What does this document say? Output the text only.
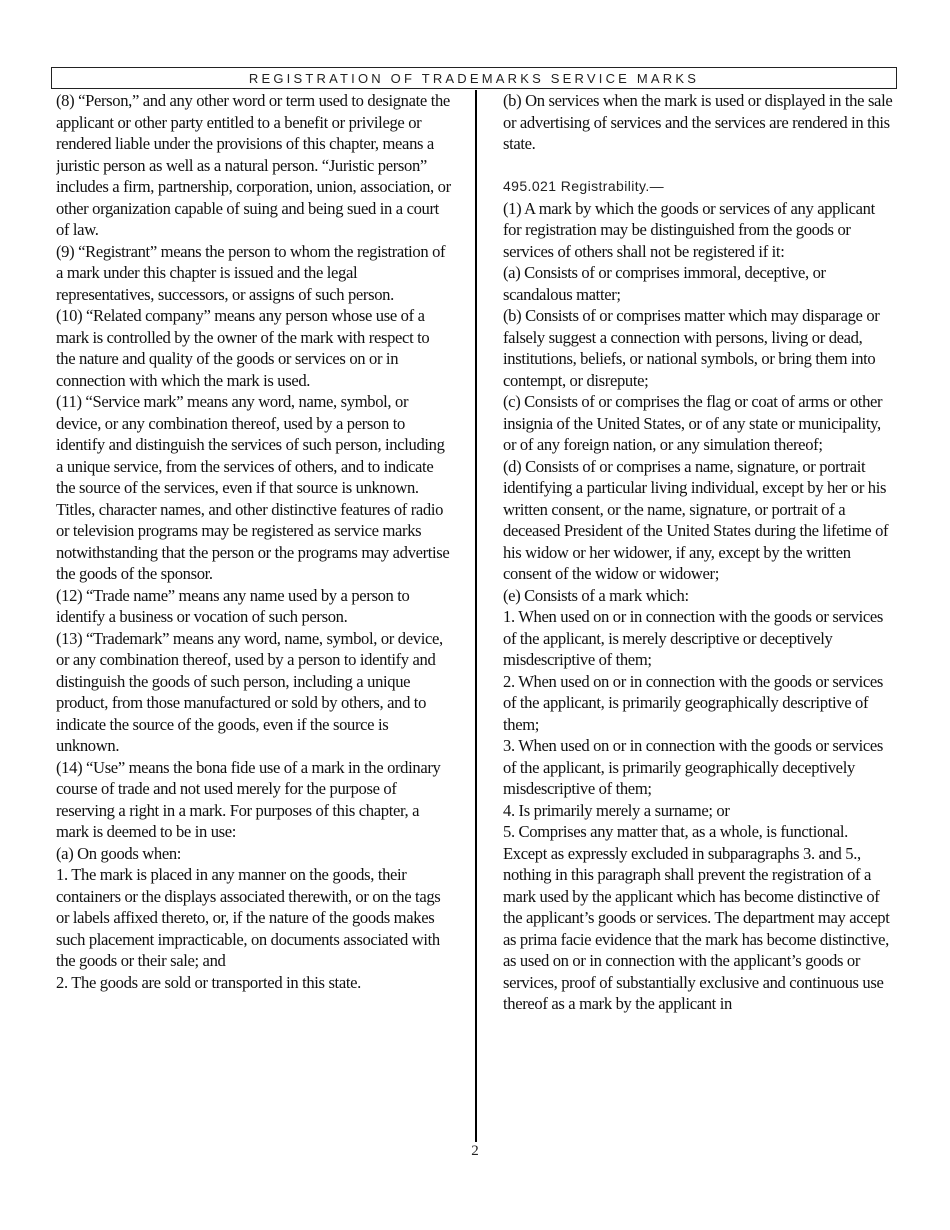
REGISTRATION OF TRADEMARKS SERVICE MARKS

(8) “Person,” and any other word or term used to designate the applicant or other party entitled to a benefit or privilege or rendered liable under the provisions of this chapter, means a juristic person as well as a natural person. “Juristic person” includes a firm, partnership, corporation, union, association, or other organization capable of suing and being sued in a court of law.

(9) “Registrant” means the person to whom the registration of a mark under this chapter is issued and the legal representatives, successors, or assigns of such person.

(10) “Related company” means any person whose use of a mark is controlled by the owner of the mark with respect to the nature and quality of the goods or services on or in connection with which the mark is used.

(11) “Service mark” means any word, name, symbol, or device, or any combination thereof, used by a person to identify and distinguish the services of such person, including a unique service, from the services of others, and to indicate the source of the services, even if that source is unknown. Titles, character names, and other distinctive features of radio or television programs may be registered as service marks notwithstanding that the person or the programs may advertise the goods of the sponsor.

(12) “Trade name” means any name used by a person to identify a business or vocation of such person.

(13) “Trademark” means any word, name, symbol, or device, or any combination thereof, used by a person to identify and distinguish the goods of such person, including a unique product, from those manufactured or sold by others, and to indicate the source of the goods, even if the source is unknown.

(14) “Use” means the bona fide use of a mark in the ordinary course of trade and not used merely for the purpose of reserving a right in a mark. For purposes of this chapter, a mark is deemed to be in use:

(a) On goods when:

1. The mark is placed in any manner on the goods, their containers or the displays associated therewith, or on the tags or labels affixed thereto, or, if the nature of the goods makes such placement impracticable, on documents associated with the goods or their sale; and

2. The goods are sold or transported in this state.

(b) On services when the mark is used or displayed in the sale or advertising of services and the services are rendered in this state.

495.021 Registrability.—

(1) A mark by which the goods or services of any applicant for registration may be distinguished from the goods or services of others shall not be registered if it:

(a) Consists of or comprises immoral, deceptive, or scandalous matter;

(b) Consists of or comprises matter which may disparage or falsely suggest a connection with persons, living or dead, institutions, beliefs, or national symbols, or bring them into contempt, or disrepute;

(c) Consists of or comprises the flag or coat of arms or other insignia of the United States, or of any state or municipality, or of any foreign nation, or any simulation thereof;

(d) Consists of or comprises a name, signature, or portrait identifying a particular living individual, except by her or his written consent, or the name, signature, or portrait of a deceased President of the United States during the lifetime of his widow or her widower, if any, except by the written consent of the widow or widower;

(e) Consists of a mark which:

1. When used on or in connection with the goods or services of the applicant, is merely descriptive or deceptively misdescriptive of them;

2. When used on or in connection with the goods or services of the applicant, is primarily geographically descriptive of them;

3. When used on or in connection with the goods or services of the applicant, is primarily geographically deceptively misdescriptive of them;

4. Is primarily merely a surname; or

5. Comprises any matter that, as a whole, is functional.

Except as expressly excluded in subparagraphs 3. and 5., nothing in this paragraph shall prevent the registration of a mark used by the applicant which has become distinctive of the applicant’s goods or services. The department may accept as prima facie evidence that the mark has become distinctive, as used on or in connection with the applicant’s goods or services, proof of substantially exclusive and continuous use thereof as a mark by the applicant in

2
